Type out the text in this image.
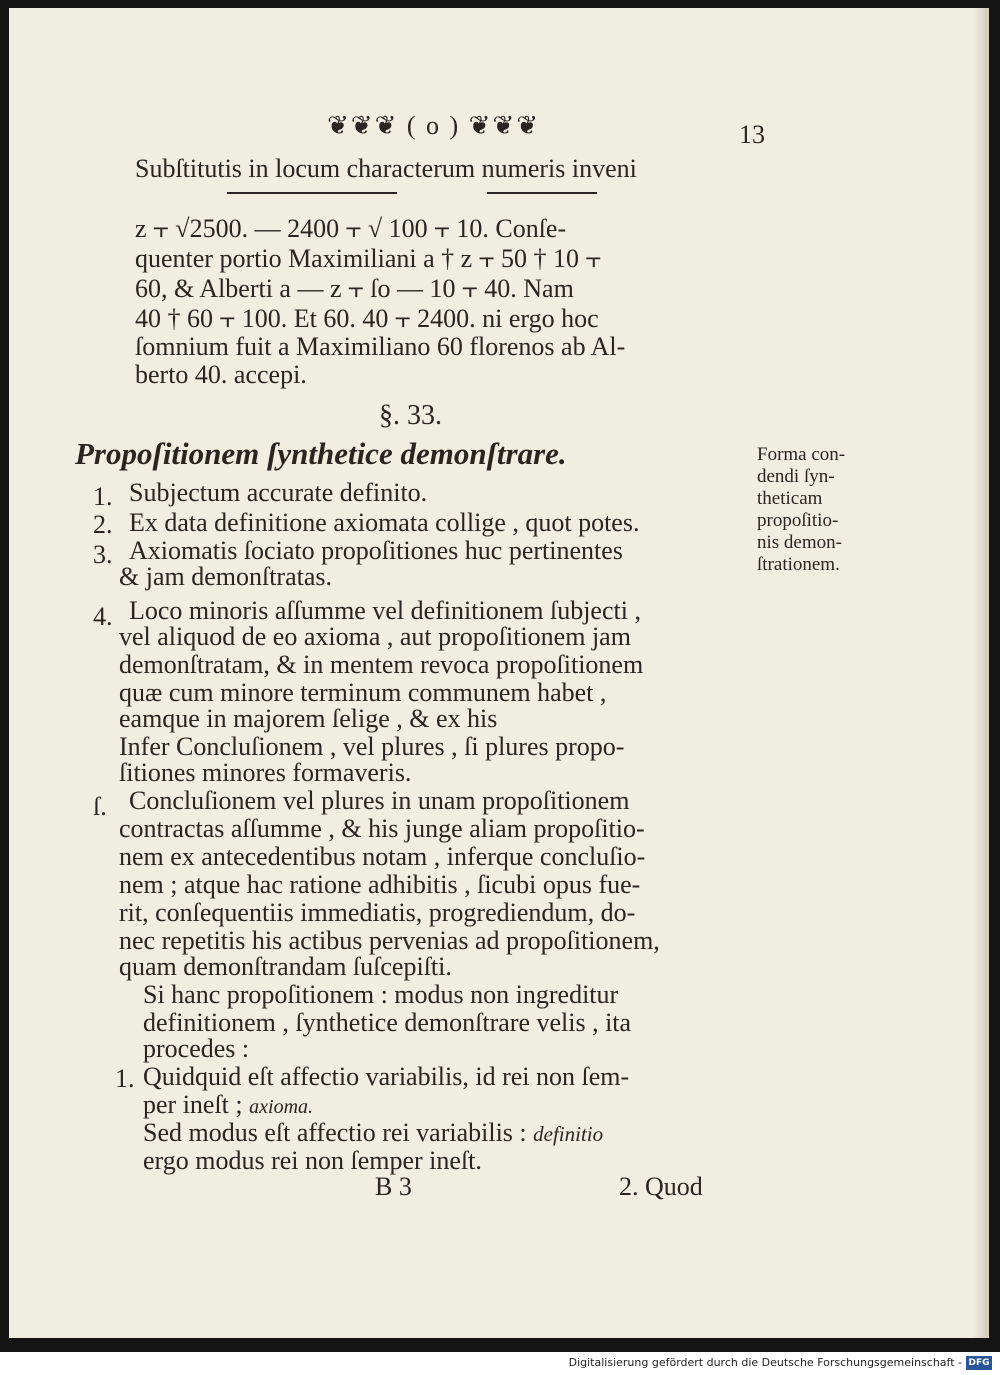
❦❦❦ ( o ) ❦❦❦	13
Subſtitutis in locum characterum numeris inveni
z ⫟ √2500. — 2400 ⫟ √ 100 ⫟ 10. Conſe-
quenter portio Maximiliani a † z ⫟ 50 † 10 ⫟
60, & Alberti a — z ⫟ ſo — 10 ⫟ 40. Nam
40 † 60 ⫟ 100. Et 60. 40 ⫟ 2400. ni ergo hoc
ſomnium fuit a Maximiliano 60 florenos ab Al-
berto 40. accepi.
§. 33.
Propoſitionem ſynthetice demonſtrare.	Forma con-
dendi ſyn-
theticam
propoſitio-
nis demon-
ſtrationem.
1. Subjectum accurate definito.
2. Ex data definitione axiomata collige , quot potes.
3. Axiomatis ſociato propoſitiones huc pertinentes
& jam demonſtratas.
4. Loco minoris aſſumme vel definitionem ſubjecti ,
vel aliquod de eo axioma , aut propoſitionem jam
demonſtratam, & in mentem revoca propoſitionem
quæ cum minore terminum communem habet ,
eamque in majorem ſelige , & ex his
Infer Concluſionem , vel plures , ſi plures propo-
ſitiones minores formaveris.
ſ. Concluſionem vel plures in unam propoſitionem
contractas aſſumme , & his junge aliam propoſitio-
nem ex antecedentibus notam , inferque concluſio-
nem ; atque hac ratione adhibitis , ſicubi opus fue-
rit, conſequentiis immediatis, progrediendum, do-
nec repetitis his actibus pervenias ad propoſitionem,
quam demonſtrandam ſuſcepiſti.
Si hanc propoſitionem : modus non ingreditur
definitionem , ſynthetice demonſtrare velis , ita
procedes :
1. Quidquid eſt affectio variabilis, id rei non ſem-
per ineſt ; axioma.
Sed modus eſt affectio rei variabilis : definitio
ergo modus rei non ſemper ineſt.
B 3	2. Quod
Digitalisierung gefördert durch die Deutsche Forschungsgemeinschaft - DFG
